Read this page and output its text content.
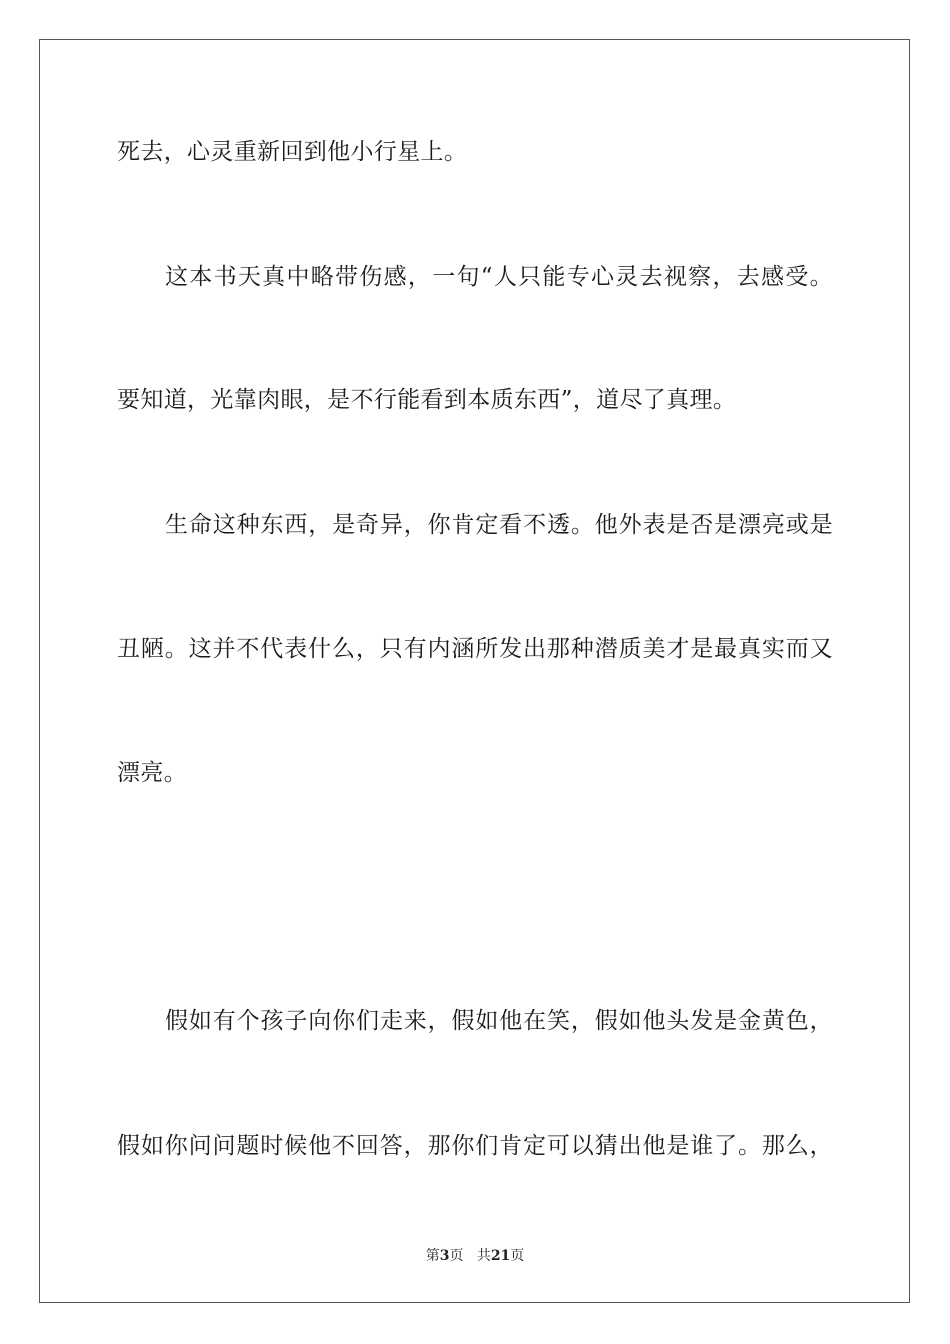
死去，心灵重新回到他小行星上。
这本书天真中略带伤感，一句“人只能专心灵去视察，去感受。
要知道，光靠肉眼，是不行能看到本质东西”，道尽了真理。
生命这种东西，是奇异，你肯定看不透。他外表是否是漂亮或是
丑陋。这并不代表什么，只有内涵所发出那种潜质美才是最真实而又
漂亮。
假如有个孩子向你们走来，假如他在笑，假如他头发是金黄色，
假如你问问题时候他不回答，那你们肯定可以猜出他是谁了。那么，
第3页 共21页
